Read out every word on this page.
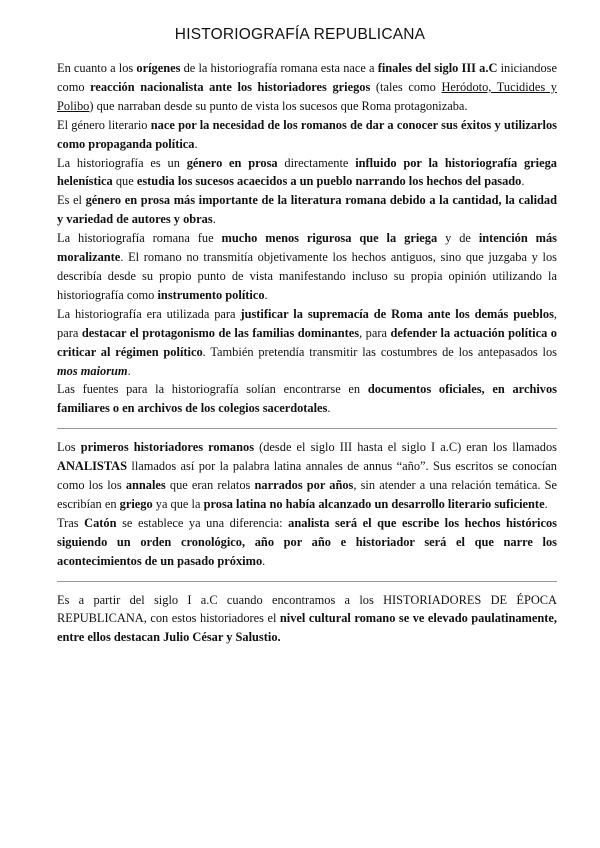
HISTORIOGRAFÍA REPUBLICANA

En cuanto a los orígenes de la historiografía romana esta nace a finales del siglo III a.C iniciandose como reacción nacionalista ante los historiadores griegos (tales como Heródoto, Tucidides y Polibo) que narraban desde su punto de vista los sucesos que Roma protagonizaba.

El género literario nace por la necesidad de los romanos de dar a conocer sus éxitos y utilizarlos como propaganda política.

La historiografía es un género en prosa directamente influido por la historiografía griega helenística que estudia los sucesos acaecidos a un pueblo narrando los hechos del pasado.

Es el género en prosa más importante de la literatura romana debido a la cantidad, la calidad y variedad de autores y obras.

La historiografía romana fue mucho menos rigurosa que la griega y de intención más moralizante. El romano no transmitía objetivamente los hechos antiguos, sino que juzgaba y los describía desde su propio punto de vista manifestando incluso su propia opinión utilizando la historiografía como instrumento político.

La historiografía era utilizada para justificar la supremacía de Roma ante los demás pueblos, para destacar el protagonismo de las familias dominantes, para defender la actuación política o criticar al régimen político. También pretendía transmitir las costumbres de los antepasados los mos maiorum.

Las fuentes para la historiografía solían encontrarse en documentos oficiales, en archivos familiares o en archivos de los colegios sacerdotales.

Los primeros historiadores romanos (desde el siglo III hasta el siglo I a.C) eran los llamados ANALISTAS llamados así por la palabra latina annales de annus “año”. Sus escritos se conocían como los los annales que eran relatos narrados por años, sin atender a una relación temática. Se escribían en griego ya que la prosa latina no había alcanzado un desarrollo literario suficiente.

Tras Catón se establece ya una diferencia: analista será el que escribe los hechos históricos siguiendo un orden cronológico, año por año e historiador será el que narre los acontecimientos de un pasado próximo.

Es a partir del siglo I a.C cuando encontramos a los HISTORIADORES DE ÉPOCA REPUBLICANA, con estos historiadores el nivel cultural romano se ve elevado paulatinamente, entre ellos destacan Julio César y Salustio.
